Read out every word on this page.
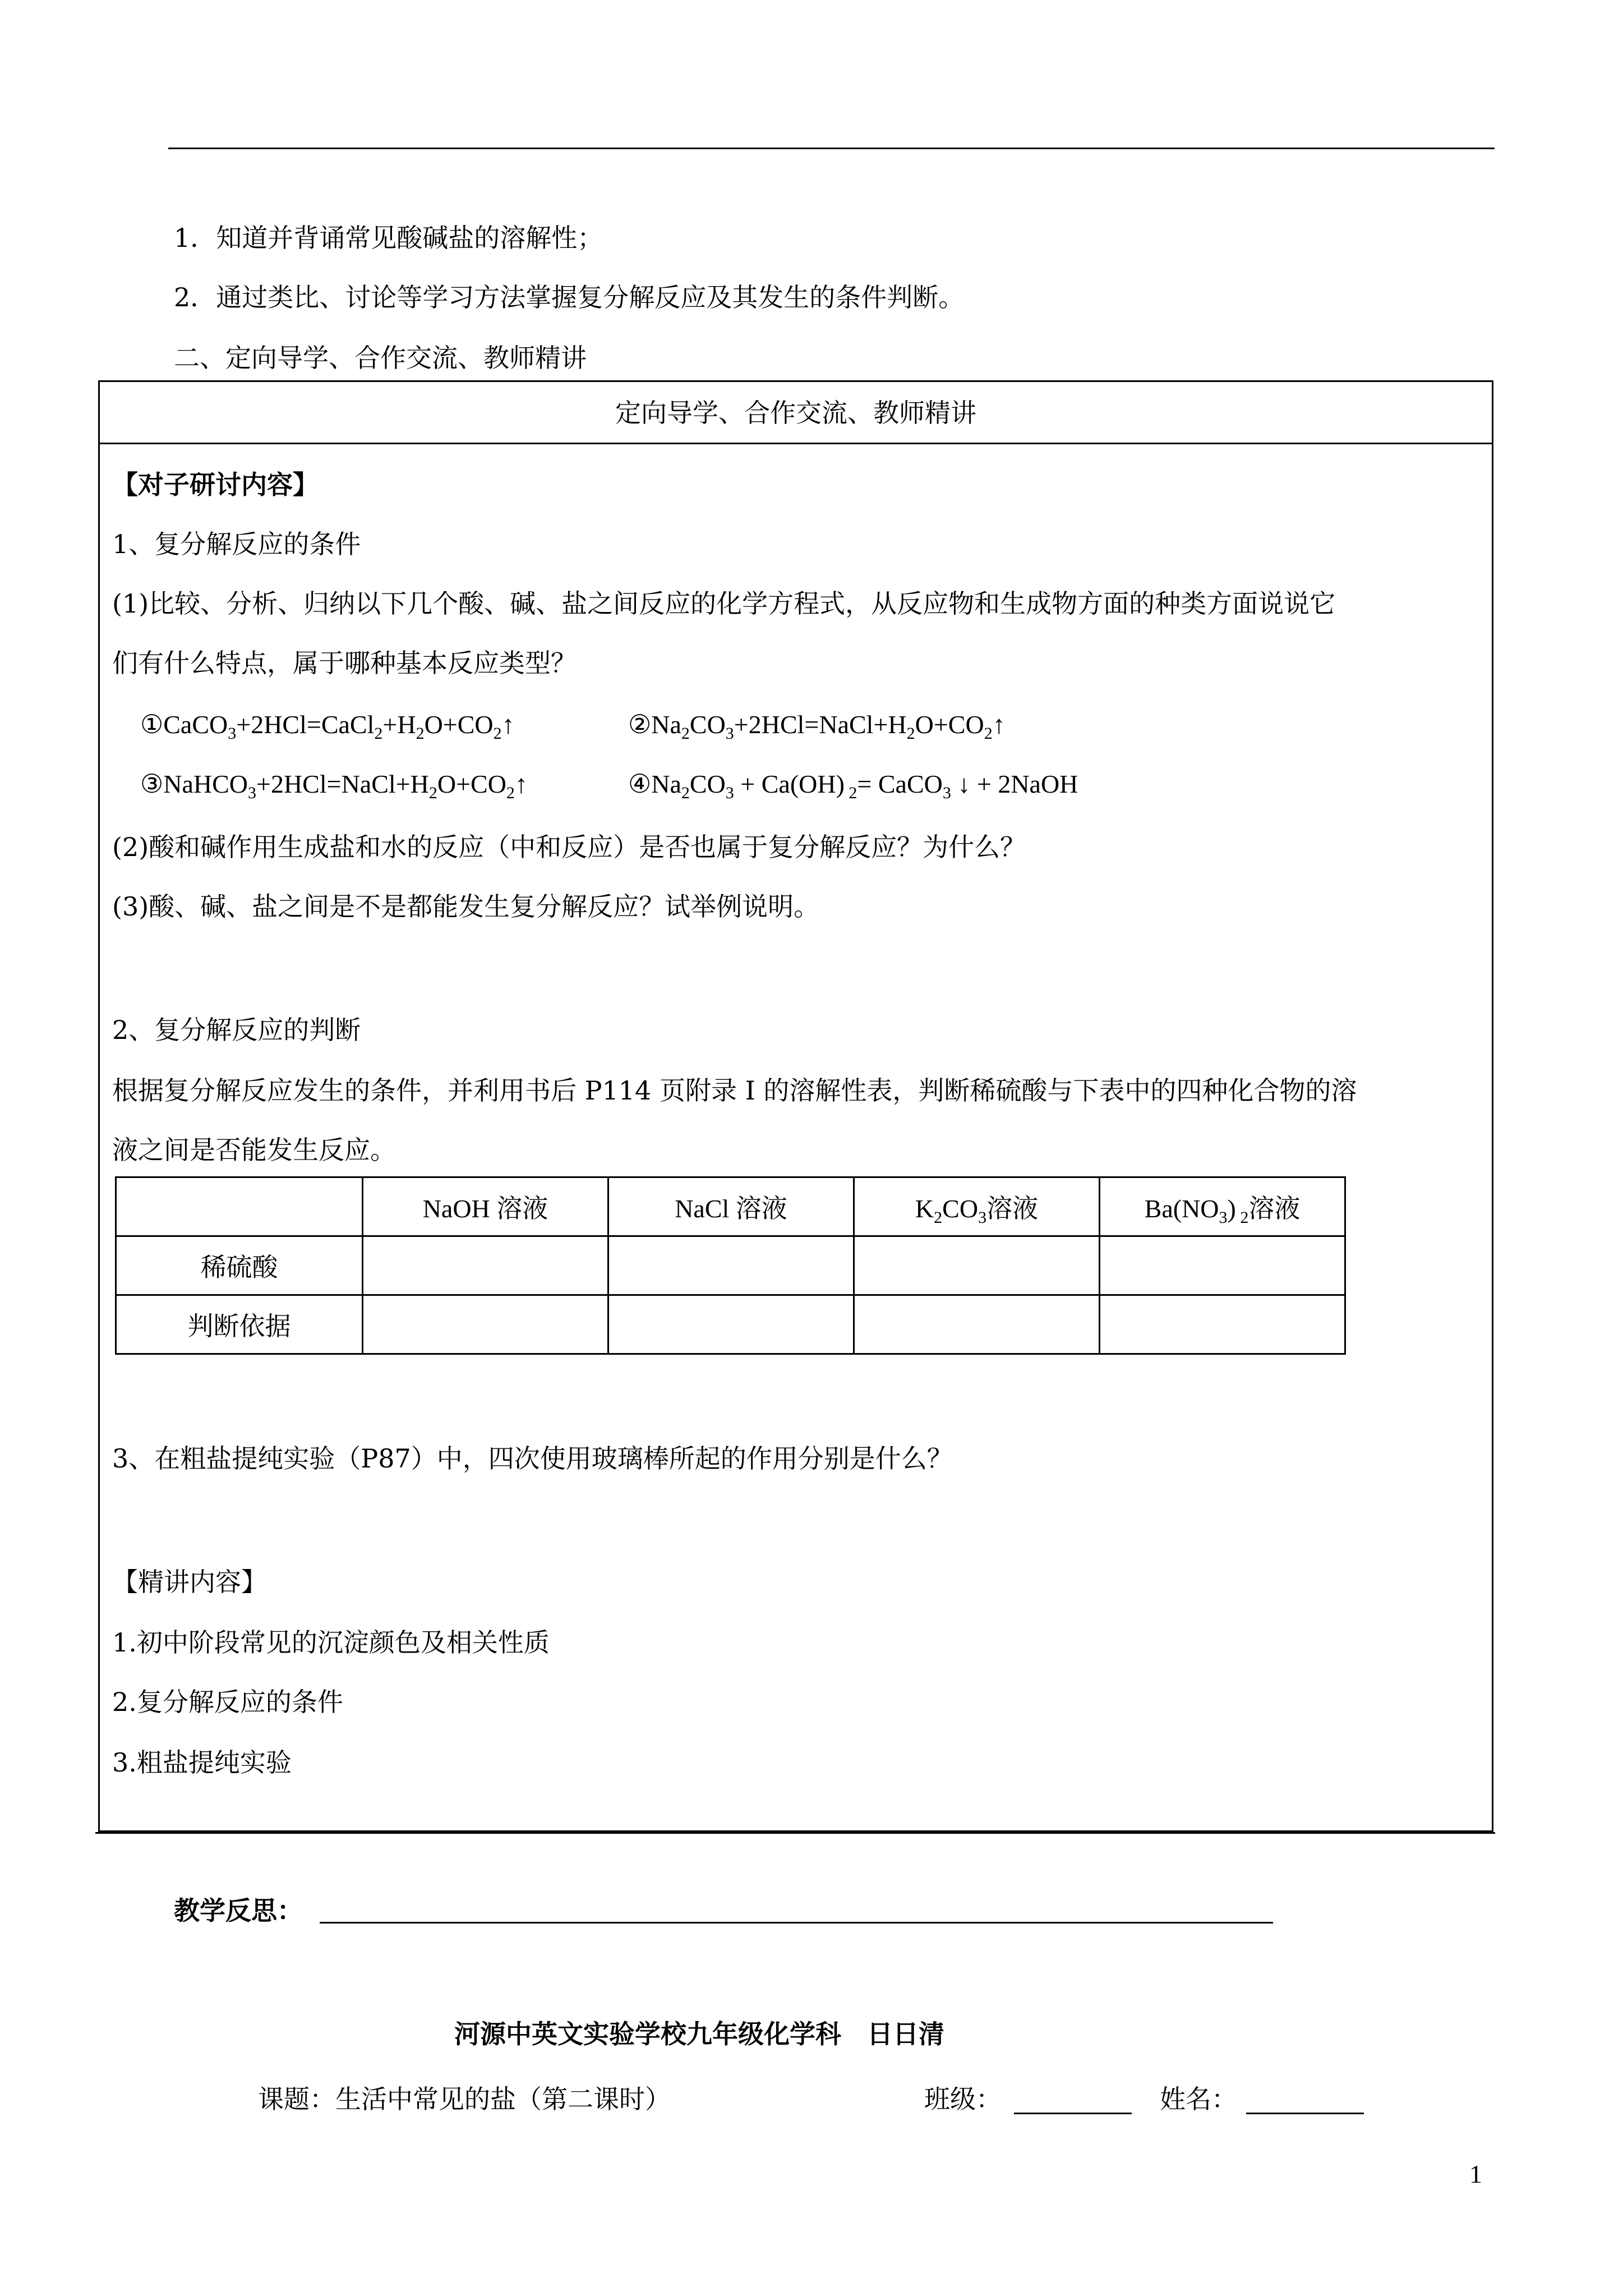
1．知道并背诵常见酸碱盐的溶解性；
2．通过类比、讨论等学习方法掌握复分解反应及其发生的条件判断。
二、定向导学、合作交流、教师精讲
定向导学、合作交流、教师精讲
【对子研讨内容】
1、复分解反应的条件
(1)比较、分析、归纳以下几个酸、碱、盐之间反应的化学方程式，从反应物和生成物方面的种类方面说说它
们有什么特点，属于哪种基本反应类型？
$①CaCO_3+2HCl=CaCl_2+H_2O+CO_2↑$	$②Na_2CO_3+2HCl=NaCl+H_2O+CO_2↑$
$③NaHCO_3+2HCl=NaCl+H_2O+CO_2↑$	$④Na_2CO_3 + Ca(OH)$ $_2$= CaCO$_3$ ↓ + 2NaOH
(2)酸和碱作用生成盐和水的反应（中和反应）是否也属于复分解反应？为什么？
(3)酸、碱、盐之间是不是都能发生复分解反应？试举例说明。
2、复分解反应的判断
根据复分解反应发生的条件，并利用书后 P114 页附录 I 的溶解性表，判断稀硫酸与下表中的四种化合物的溶
液之间是否能发生反应。
	NaOH 溶液	NaCl 溶液	$K_2CO_3$溶液	$Ba(NO_3)$ $_2$溶液
稀硫酸				
判断依据				
3、在粗盐提纯实验（P87）中，四次使用玻璃棒所起的作用分别是什么？
【精讲内容】
1.初中阶段常见的沉淀颜色及相关性质
2.复分解反应的条件
3.粗盐提纯实验
教学反思：
河源中英文实验学校九年级化学科　日日清
课题：生活中常见的盐（第二课时）	班级：	姓名：
1
